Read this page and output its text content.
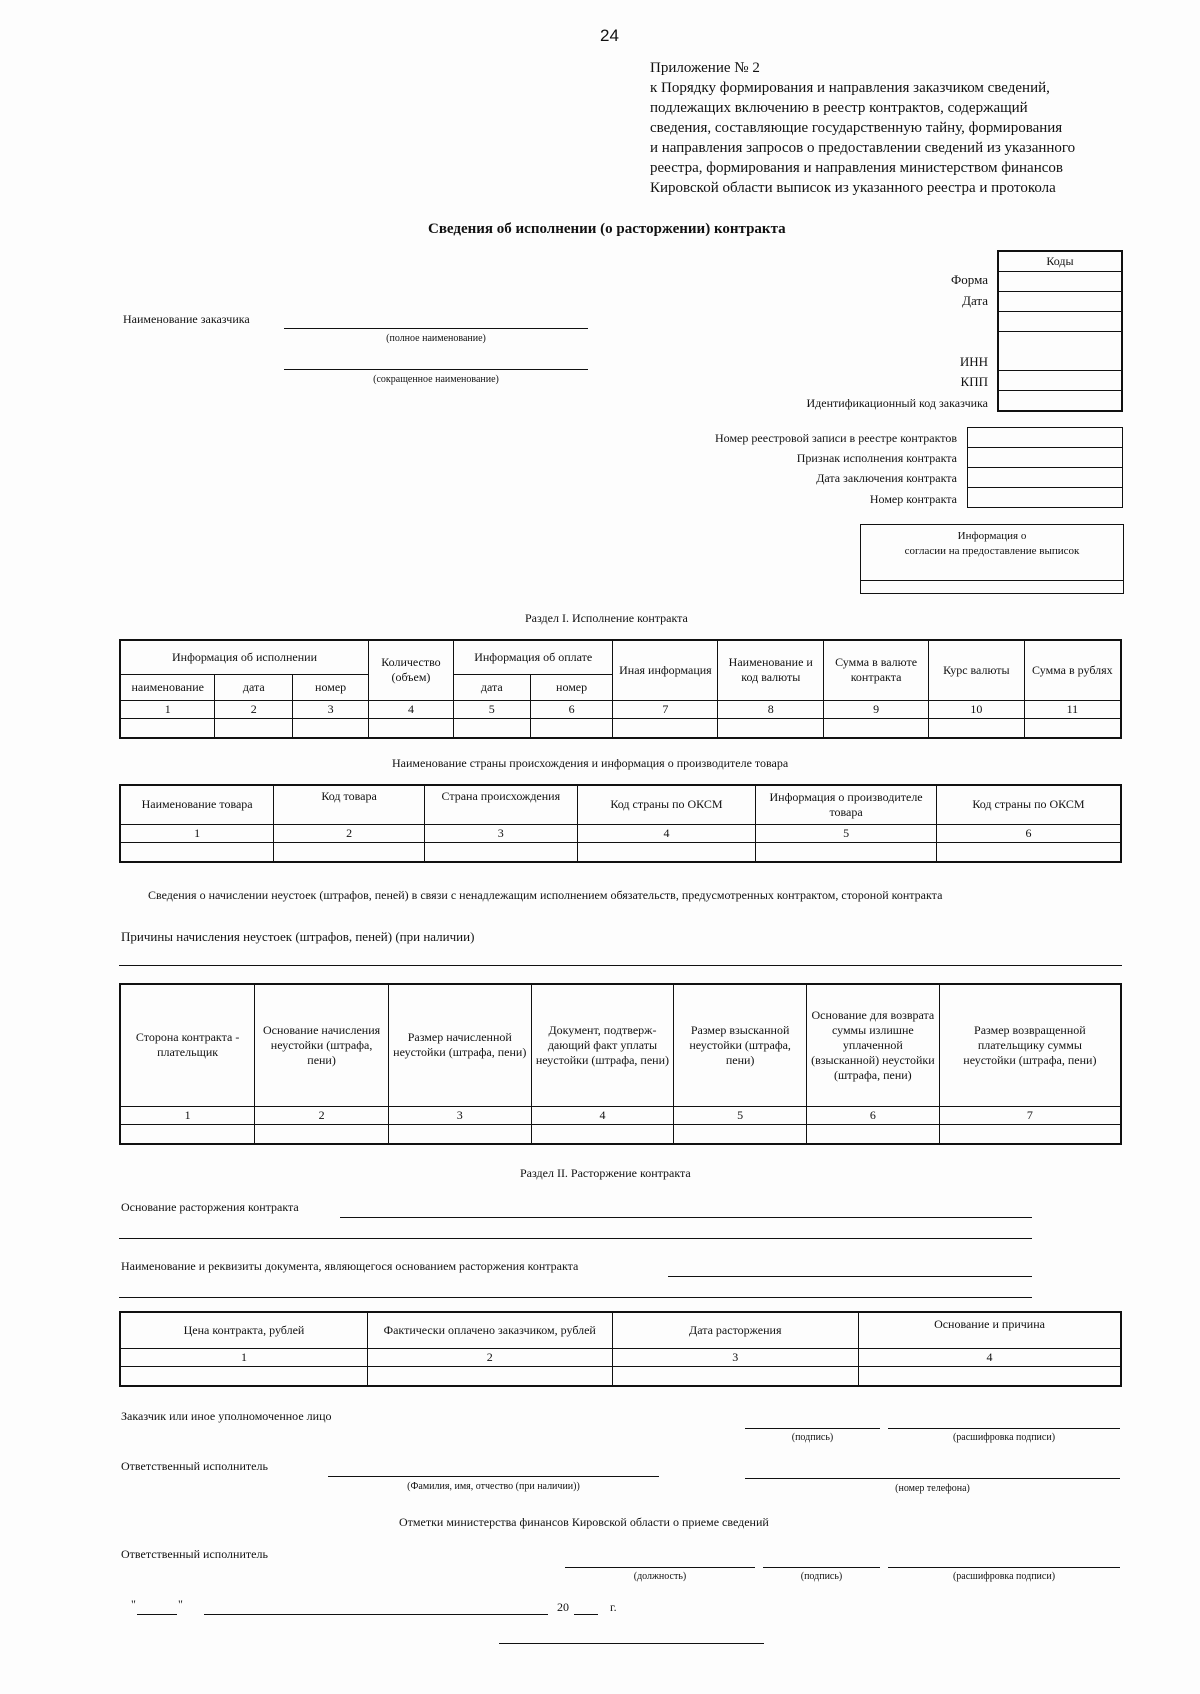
24
Приложение № 2
к Порядку формирования и направления заказчиком сведений,
подлежащих включению в реестр контрактов, содержащий
сведения, составляющие государственную тайну, формирования
и направления запросов о предоставлении сведений из указанного
реестра, формирования и направления министерством финансов
Кировской области выписок из указанного реестра и протокола
Сведения об исполнении (о расторжении) контракта
Коды

Форма
Дата
ИНН
КПП
Идентификационный код заказчика
Наименование заказчика
(полное наименование)
(сокращенное наименование)

Номер реестровой записи в реестре контрактов
Признак исполнения контракта
Дата заключения контракта
Номер контракта
Информация о
согласии на предоставление выписок
Раздел I. Исполнение контракта
Информация об исполнении			Количество (объем)	Информация об оплате		Иная информация	Наименование и код валюты	Сумма в валюте контракта	Курс валюты	Сумма в рублях
наименование	дата	номер		дата	номер					
1	2	3	4	5	6	7	8	9	10	11

Наименование страны происхождения и информация о производителе товара
Наименование товара	Код товара	Страна происхождения	Код страны по ОКСМ	Информация о производителе товара	Код страны по ОКСМ
1	2	3	4	5	6

Сведения о начислении неустоек (штрафов, пеней) в связи с ненадлежащим исполнением обязательств, предусмотренных контрактом, стороной контракта
Причины начисления неустоек (штрафов, пеней) (при наличии)
Сторона контракта - плательщик	Основание начисления неустойки (штрафа, пени)	Размер начисленной неустойки (штрафа, пени)	Документ, подтверж- дающий факт уплаты неустойки (штрафа, пени)	Размер взысканной неустойки (штрафа, пени)	Основание для возврата суммы излишне уплаченной (взысканной) неустойки (штрафа, пени)	Размер возвращенной плательщику суммы неустойки (штрафа, пени)
1	2	3	4	5	6	7

Раздел II. Расторжение контракта
Основание расторжения контракта
Наименование и реквизиты документа, являющегося основанием расторжения контракта
Цена контракта, рублей	Фактически оплачено заказчиком, рублей	Дата расторжения	Основание и причина
1	2	3	4

Заказчик или иное уполномоченное лицо
(подпись)	(расшифровка подписи)
Ответственный исполнитель
(Фамилия, имя, отчество (при наличии))	(номер телефона)
Отметки министерства финансов Кировской области о приеме сведений
Ответственный исполнитель
(должность)	(подпись)	(расшифровка подписи)
"	"	20	г.
